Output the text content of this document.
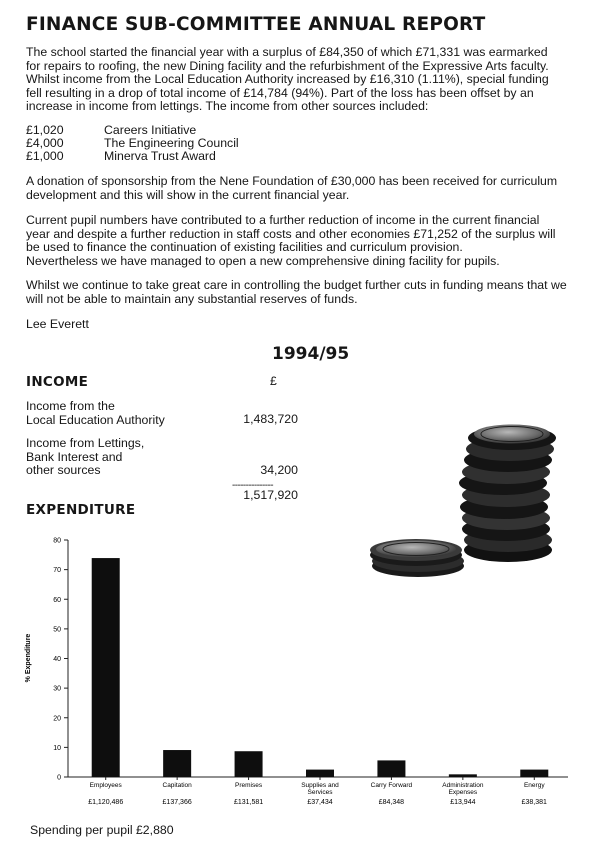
FINANCE SUB-COMMITTEE ANNUAL REPORT
The school started the financial year with a surplus of £84,350 of which £71,331 was earmarked
for repairs to roofing, the new Dining facility and the refurbishment of the Expressive Arts faculty.
Whilst income from the Local Education Authority increased by £16,310 (1.11%), special funding
fell resulting in a drop of total income of £14,784 (94%). Part of the loss has been offset by an
increase in income from lettings. The income from other sources included:
£1,020	Careers Initiative
£4,000	The Engineering Council
£1,000	Minerva Trust Award
A donation of sponsorship from the Nene Foundation of £30,000 has been received for curriculum
development and this will show in the current financial year.
Current pupil numbers have contributed to a further reduction of income in the current financial
year and despite a further reduction in staff costs and other economies £71,252 of the surplus will
be used to finance the continuation of existing facilities and curriculum provision.
Nevertheless we have managed to open a new comprehensive dining facility for pupils.
Whilst we continue to take great care in controlling the budget further cuts in funding means that we
will not be able to maintain any substantial reserves of funds.
Lee Everett
1994/95
INCOME	£
Income from the
Local Education Authority	1,483,720
Income from Lettings,
Bank Interest and
other sources	34,200
---------------
1,517,920
EXPENDITURE
% Expenditure
0
10
20
30
40
50
60
70
80
Employees
£1,120,486
Capitation
£137,366
Premises
£131,581
Supplies and
Services
£37,434
Carry Forward
£84,348
Administration
Expenses
£13,944
Energy
£38,381
Spending per pupil £2,880
